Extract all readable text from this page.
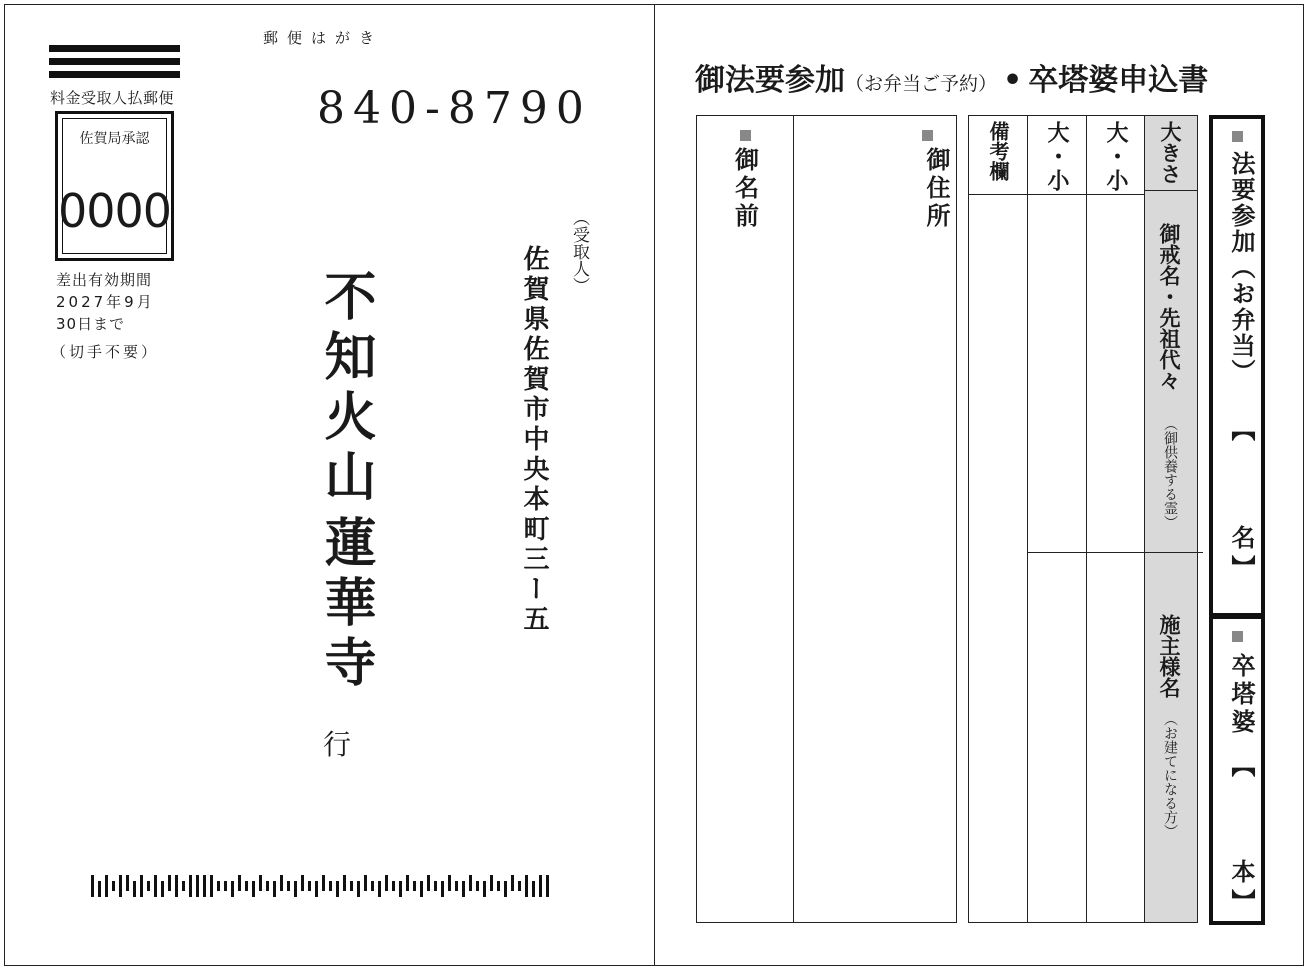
郵便はがき
料金受取人払郵便
佐賀局承認
0000
差出有効期間
2027年9月
30日まで
（切手不要）
840-8790
（受取人）
佐賀県佐賀市中央本町三ー五
不知火山
蓮華寺
行
御法要参加（お弁当ご予約） • 卒塔婆申込書
御名前	御住所 備考欄 大・小 大・小 大きさ
御戒名・先祖代々
（御供養する霊）
施主様名
（お建てになる方）
法要参加（お弁当）
【
名
】
卒塔婆
【
本
】
